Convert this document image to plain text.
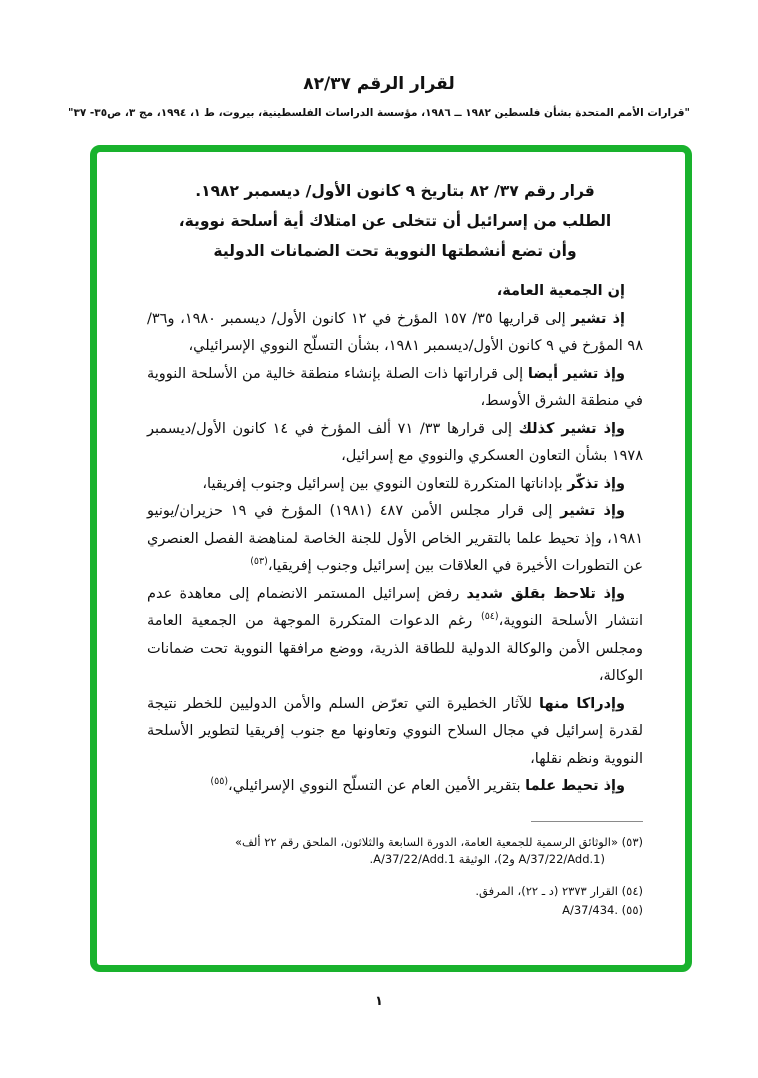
لقرار الرقم ٨٢/٣٧
"قرارات الأمم المتحدة بشأن فلسطين ١٩٨٢ ــ ١٩٨٦، مؤسسة الدراسات الفلسطينية، بيروت، ط ١، ١٩٩٤، مج ٣، ص٣٥- ٣٧"
قرار رقم ٣٧/ ٨٢ بتاريخ ٩ كانون الأول/ ديسمبر ١٩٨٢.
الطلب من إسرائيل أن تتخلى عن امتلاك أية أسلحة نووية،
وأن تضع أنشطتها النووية تحت الضمانات الدولية
إن الجمعية العامة،
إذ تشير إلى قراريها ٣٥/ ١٥٧ المؤرخ في ١٢ كانون الأول/ ديسمبر ١٩٨٠، و٣٦/ ٩٨ المؤرخ في ٩ كانون الأول/ديسمبر ١٩٨١، بشأن التسلّح النووي الإسرائيلي،
وإذ تشير أيضا إلى قراراتها ذات الصلة بإنشاء منطقة خالية من الأسلحة النووية في منطقة الشرق الأوسط،
وإذ تشير كذلك إلى قرارها ٣٣/ ٧١ ألف المؤرخ في ١٤ كانون الأول/ديسمبر ١٩٧٨ بشأن التعاون العسكري والنووي مع إسرائيل،
وإذ تذكّر بإداناتها المتكررة للتعاون النووي بين إسرائيل وجنوب إفريقيا،
وإذ تشير إلى قرار مجلس الأمن ٤٨٧ (١٩٨١) المؤرخ في ١٩ حزيران/يونيو ١٩٨١، وإذ تحيط علما بالتقرير الخاص الأول للجنة الخاصة لمناهضة الفصل العنصري عن التطورات الأخيرة في العلاقات بين إسرائيل وجنوب إفريقيا،$^{(٥٣)}$
وإذ تلاحظ بقلق شديد رفض إسرائيل المستمر الانضمام إلى معاهدة عدم انتشار الأسلحة النووية،$^{(٥٤)}$ رغم الدعوات المتكررة الموجهة من الجمعية العامة ومجلس الأمن والوكالة الدولية للطاقة الذرية، ووضع مرافقها النووية تحت ضمانات الوكالة،
وإدراكا منها للآثار الخطيرة التي تعرّض السلم والأمن الدوليين للخطر نتيجة لقدرة إسرائيل في مجال السلاح النووي وتعاونها مع جنوب إفريقيا لتطوير الأسلحة النووية ونظم نقلها،
وإذ تحيط علما بتقرير الأمين العام عن التسلّح النووي الإسرائيلي،$^{(٥٥)}$
(٥٣) «الوثائق الرسمية للجمعية العامة، الدورة السابعة والثلاثون، الملحق رقم ٢٢ ألف» (A/37/22/Add.1 و2)، الوثيقة A/37/22/Add.1.
(٥٤) القرار ٢٣٧٣ (د ـ ٢٢)، المرفق.
(٥٥) A/37/434.
١
